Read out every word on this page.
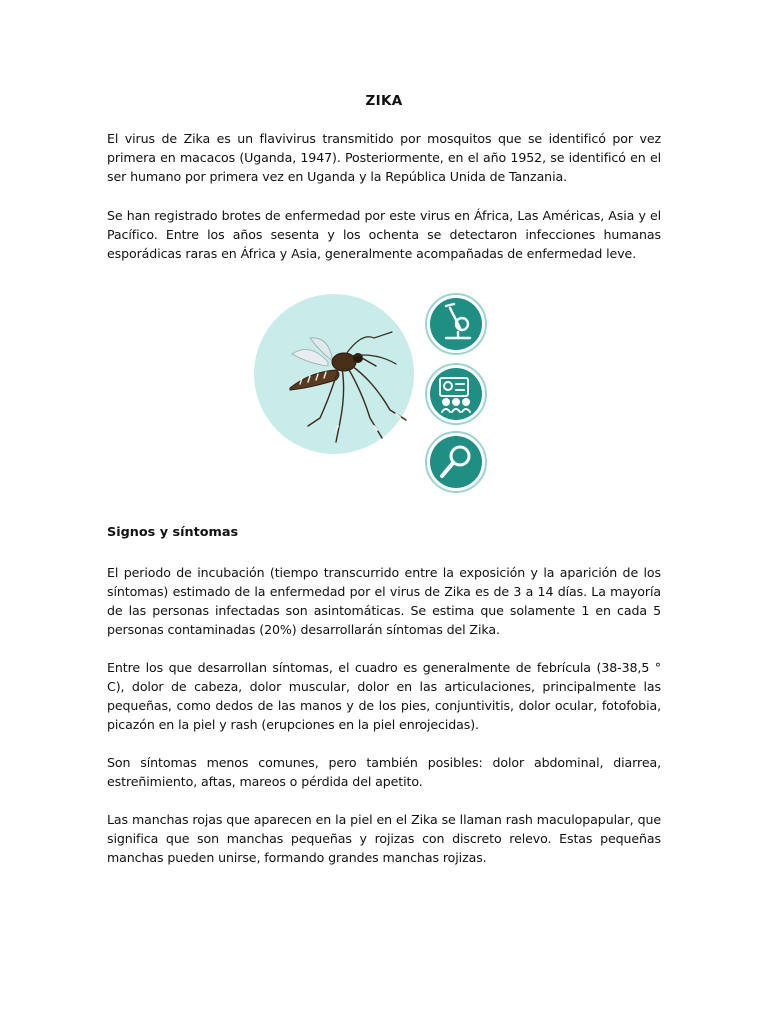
ZIKA
El virus de Zika es un flavivirus transmitido por mosquitos que se identificó por vez primera en macacos (Uganda, 1947). Posteriormente, en el año 1952, se identificó en el ser humano por primera vez en Uganda y la República Unida de Tanzania.
Se han registrado brotes de enfermedad por este virus en África, Las Américas, Asia y el Pacífico. Entre los años sesenta y los ochenta se detectaron infecciones humanas esporádicas raras en África y Asia, generalmente acompañadas de enfermedad leve.
Signos y síntomas
El periodo de incubación (tiempo transcurrido entre la exposición y la aparición de los síntomas) estimado de la enfermedad por el virus de Zika es de 3 a 14 días. La mayoría de las personas infectadas son asintomáticas. Se estima que solamente 1 en cada 5 personas contaminadas (20%) desarrollarán síntomas del Zika.
Entre los que desarrollan síntomas, el cuadro es generalmente de febrícula (38-38,5 ° C), dolor de cabeza, dolor muscular, dolor en las articulaciones, principalmente las pequeñas, como dedos de las manos y de los pies, conjuntivitis, dolor ocular, fotofobia, picazón en la piel y rash (erupciones en la piel enrojecidas).
Son síntomas menos comunes, pero también posibles: dolor abdominal, diarrea, estreñimiento, aftas, mareos o pérdida del apetito.
Las manchas rojas que aparecen en la piel en el Zika se llaman rash maculopapular, que significa que son manchas pequeñas y rojizas con discreto relevo. Estas pequeñas manchas pueden unirse, formando grandes manchas rojizas.
